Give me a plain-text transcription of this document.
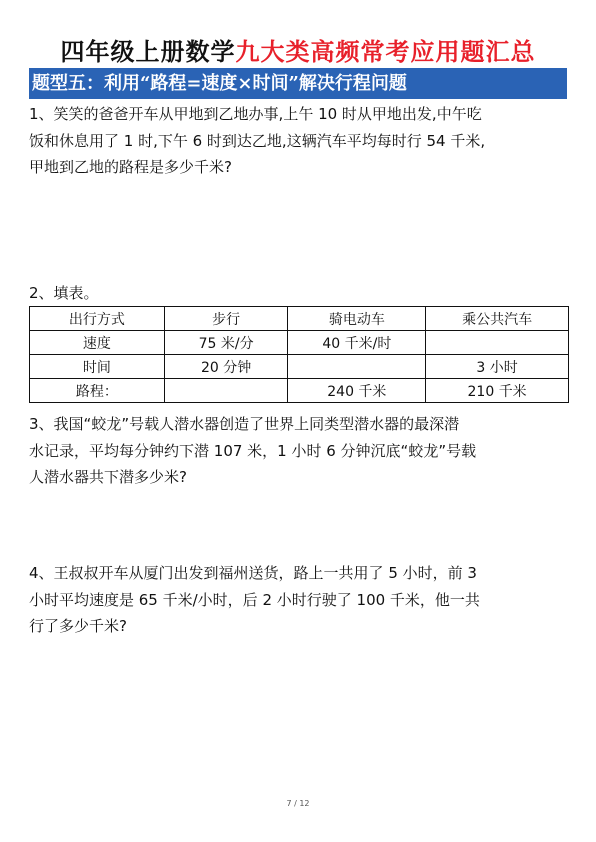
四年级上册数学九大类高频常考应用题汇总
题型五：利用“路程=速度×时间”解决行程问题

1、笑笑的爸爸开车从甲地到乙地办事,上午 10 时从甲地出发,中午吃

饭和休息用了 1 时,下午 6 时到达乙地,这辆汽车平均每时行 54 千米,

甲地到乙地的路程是多少千米?

2、填表。

出行方式	步行	骑电动车	乘公共汽车
速度	75 米/分	40 千米/时	
时间	20 分钟		3 小时
路程：		240 千米	210 千米

3、我国“蛟龙”号载人潜水器创造了世界上同类型潜水器的最深潜

水记录，平均每分钟约下潜 107 米，1 小时 6 分钟沉底“蛟龙”号载

人潜水器共下潜多少米?

4、王叔叔开车从厦门出发到福州送货，路上一共用了 5 小时，前 3

小时平均速度是 65 千米/小时，后 2 小时行驶了 100 千米，他一共

行了多少千米?

7 / 12
